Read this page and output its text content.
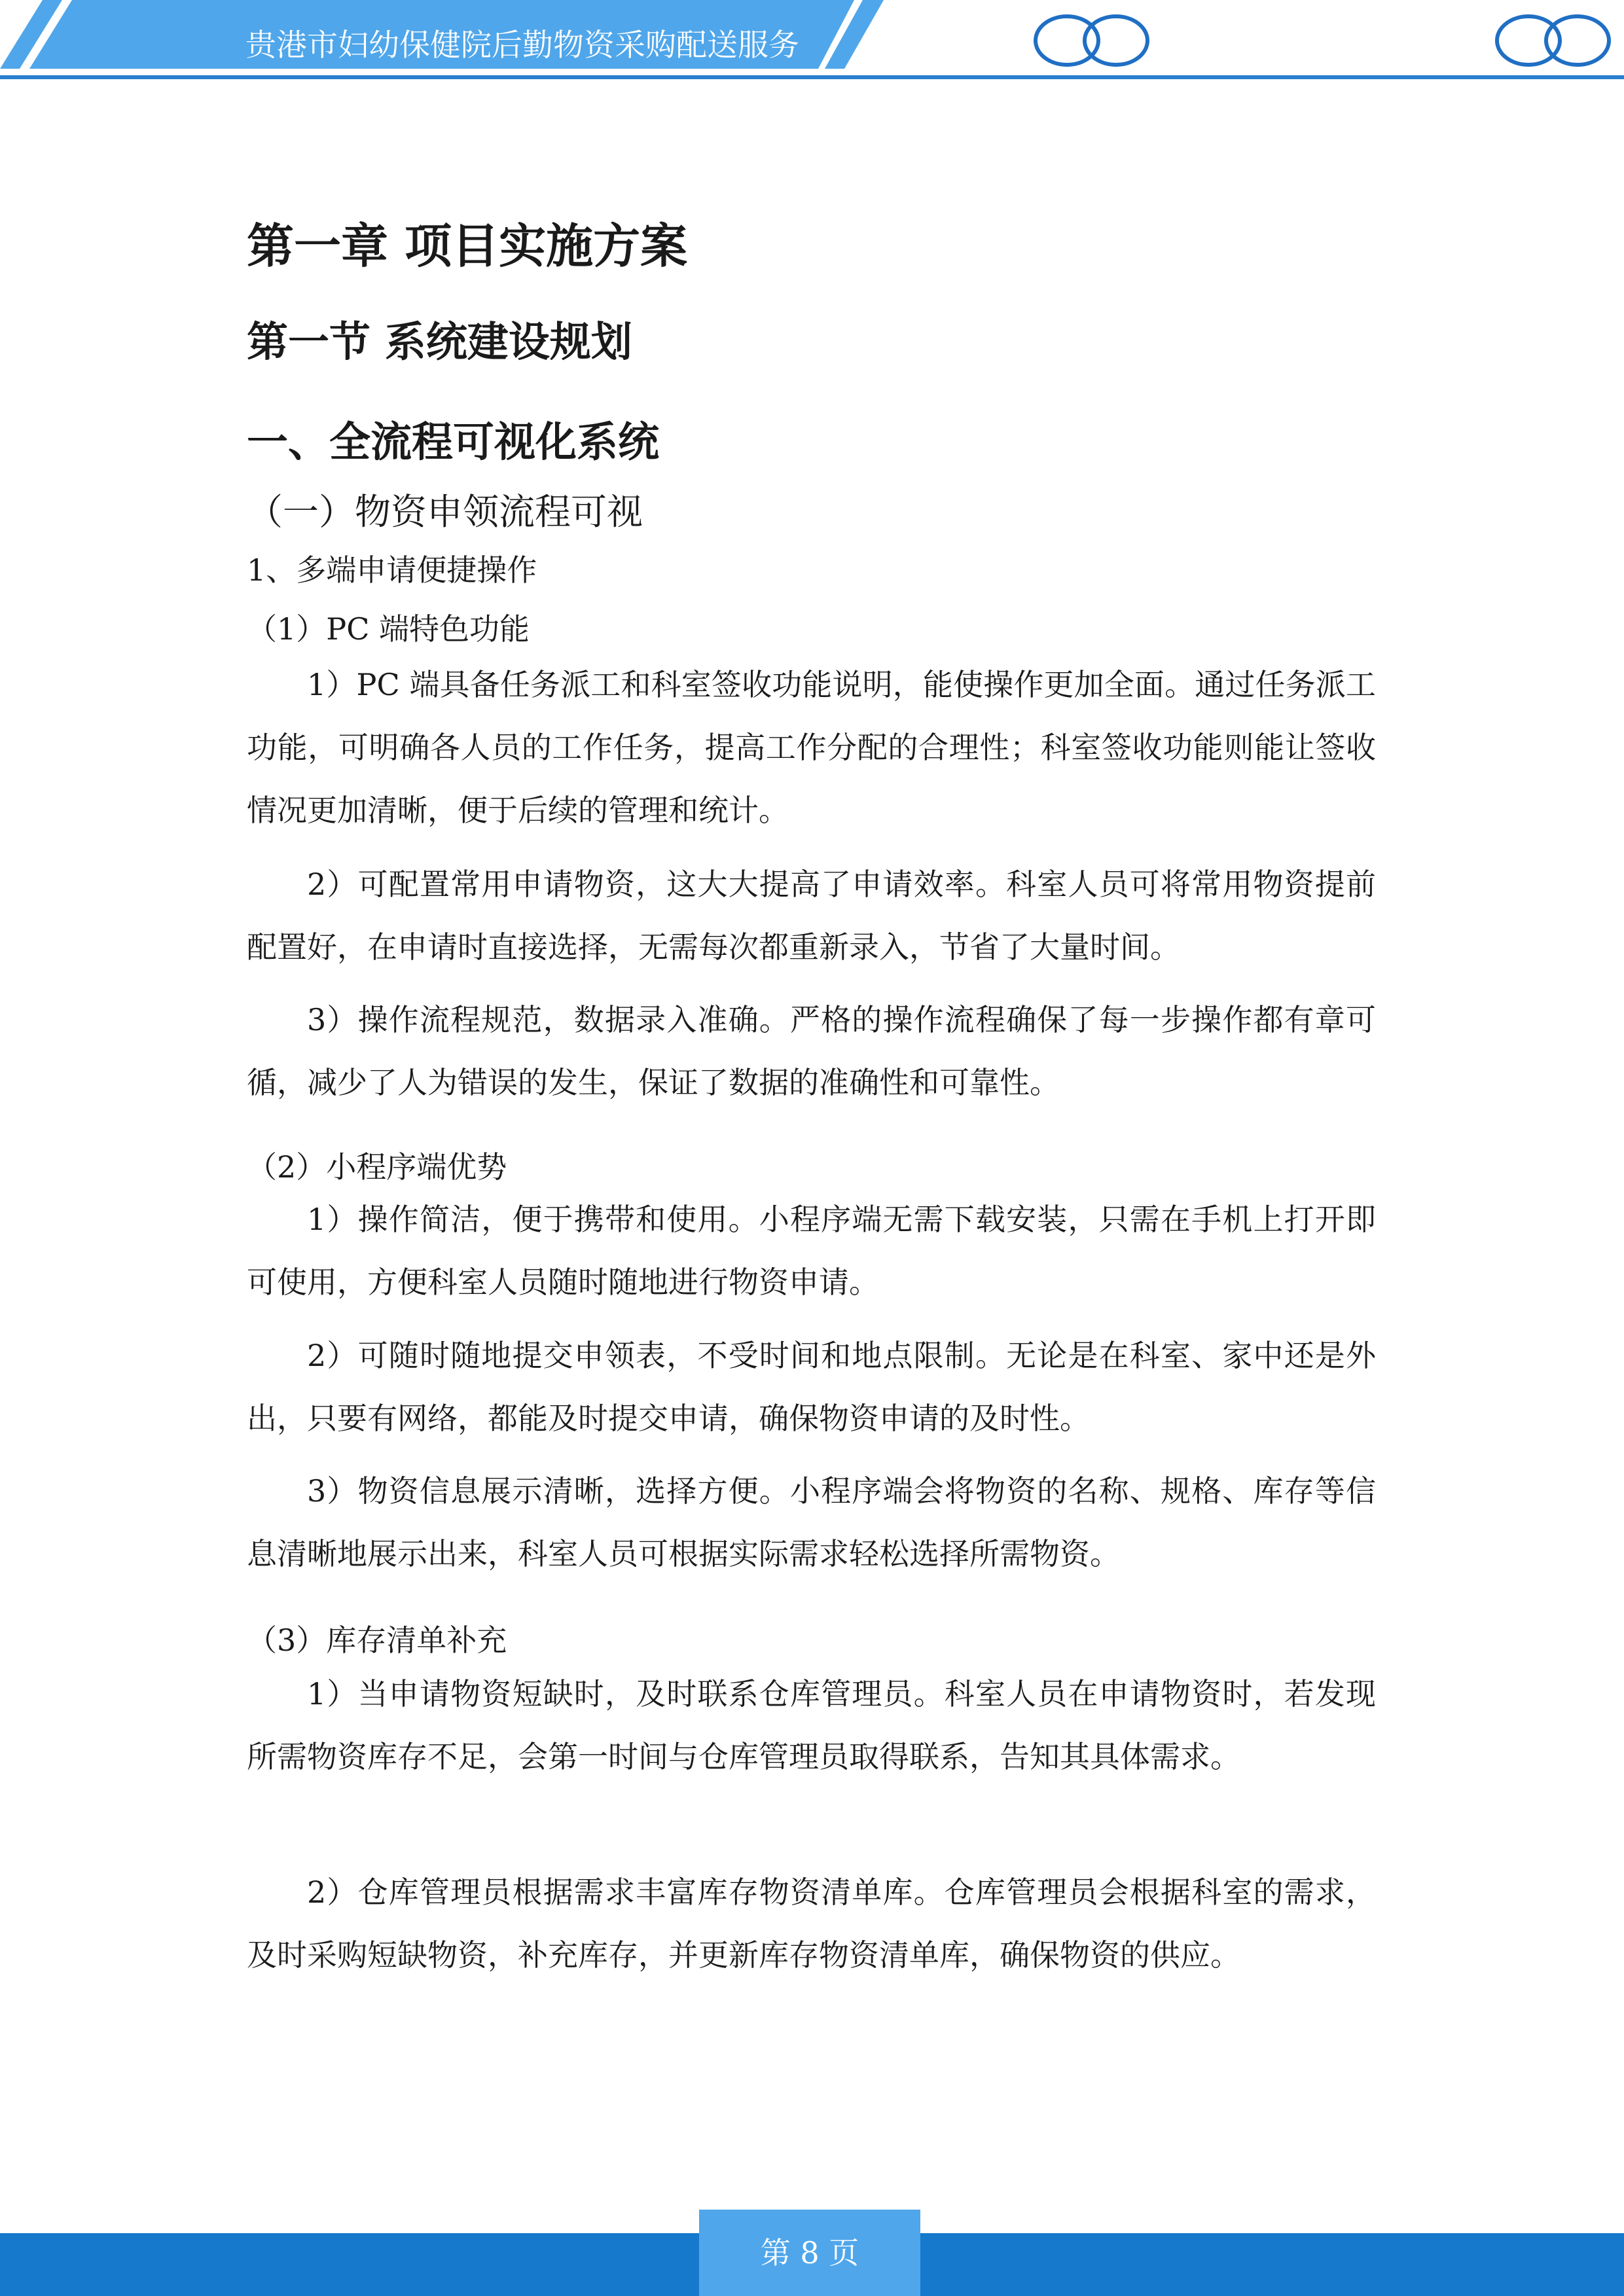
贵港市妇幼保健院后勤物资采购配送服务
第一章 项目实施方案
第一节 系统建设规划
一、全流程可视化系统
（一）物资申领流程可视
1、多端申请便捷操作
（1）PC 端特色功能

1）PC 端具备任务派工和科室签收功能说明，能使操作更加全面。通过任务派工功能，可明确各人员的工作任务，提高工作分配的合理性；科室签收功能则能让签收情况更加清晰，便于后续的管理和统计。

2）可配置常用申请物资，这大大提高了申请效率。科室人员可将常用物资提前配置好，在申请时直接选择，无需每次都重新录入，节省了大量时间。

3）操作流程规范，数据录入准确。严格的操作流程确保了每一步操作都有章可循，减少了人为错误的发生，保证了数据的准确性和可靠性。

（2）小程序端优势

1）操作简洁，便于携带和使用。小程序端无需下载安装，只需在手机上打开即可使用，方便科室人员随时随地进行物资申请。

2）可随时随地提交申领表，不受时间和地点限制。无论是在科室、家中还是外出，只要有网络，都能及时提交申请，确保物资申请的及时性。

3）物资信息展示清晰，选择方便。小程序端会将物资的名称、规格、库存等信息清晰地展示出来，科室人员可根据实际需求轻松选择所需物资。

（3）库存清单补充

1）当申请物资短缺时，及时联系仓库管理员。科室人员在申请物资时，若发现所需物资库存不足，会第一时间与仓库管理员取得联系，告知其具体需求。

2）仓库管理员根据需求丰富库存物资清单库。仓库管理员会根据科室的需求，及时采购短缺物资，补充库存，并更新库存物资清单库，确保物资的供应。

第 8 页
